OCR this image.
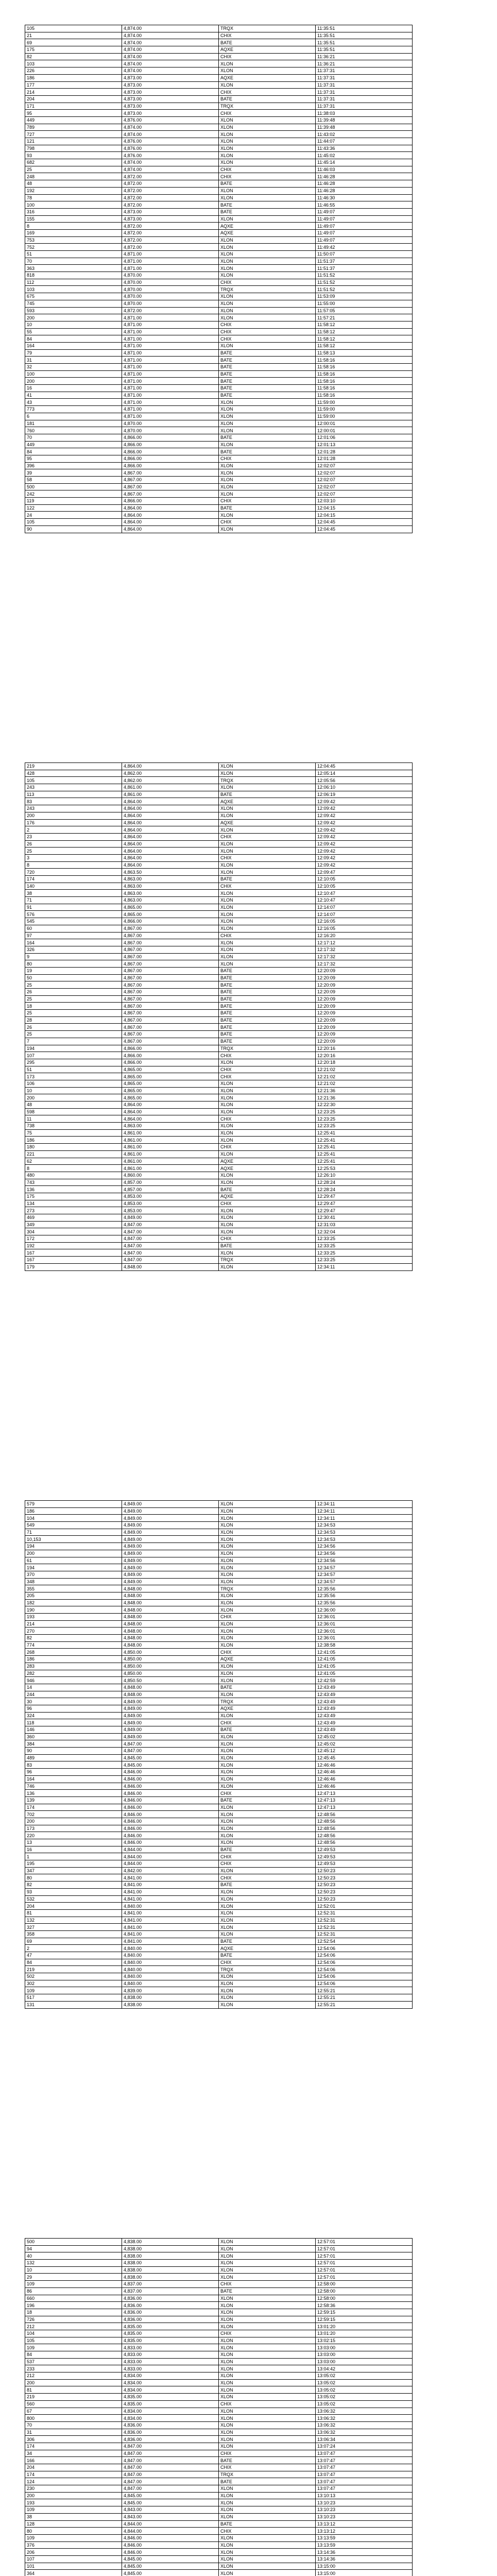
105	4,874.00	TRQX	11:35:51
21	4,874.00	CHIX	11:35:51
69	4,874.00	BATE	11:35:51
175	4,874.00	AQXE	11:35:51
82	4,874.00	CHIX	11:36:21
103	4,874.00	XLON	11:36:21
226	4,874.00	XLON	11:37:31
186	4,873.00	AQXE	11:37:31
177	4,873.00	XLON	11:37:31
214	4,873.00	CHIX	11:37:31
204	4,873.00	BATE	11:37:31
171	4,873.00	TRQX	11:37:31
95	4,873.00	CHIX	11:38:03
449	4,876.00	XLON	11:39:48
789	4,874.00	XLON	11:39:48
727	4,874.00	XLON	11:43:02
121	4,876.00	XLON	11:44:07
798	4,876.00	XLON	11:43:36
93	4,876.00	XLON	11:45:02
682	4,874.00	XLON	11:45:14
25	4,874.00	CHIX	11:46:03
248	4,872.00	CHIX	11:46:28
48	4,872.00	BATE	11:46:28
192	4,872.00	XLON	11:46:28
78	4,872.00	XLON	11:46:30
100	4,872.00	BATE	11:46:55
316	4,873.00	BATE	11:49:07
155	4,873.00	XLON	11:49:07
8	4,872.00	AQXE	11:49:07
169	4,872.00	AQXE	11:49:07
753	4,872.00	XLON	11:49:07
752	4,872.00	XLON	11:49:42
51	4,871.00	XLON	11:50:07
70	4,871.00	XLON	11:51:37
363	4,871.00	XLON	11:51:37
818	4,870.00	XLON	11:51:52
112	4,870.00	CHIX	11:51:52
103	4,870.00	TRQX	11:51:52
675	4,870.00	XLON	11:53:09
745	4,870.00	XLON	11:55:00
593	4,872.00	XLON	11:57:05
200	4,871.00	XLON	11:57:21
10	4,871.00	CHIX	11:58:12
55	4,871.00	CHIX	11:58:12
84	4,871.00	CHIX	11:58:12
164	4,871.00	XLON	11:58:12
79	4,871.00	BATE	11:58:13
31	4,871.00	BATE	11:58:16
32	4,871.00	BATE	11:58:16
100	4,871.00	BATE	11:58:16
200	4,871.00	BATE	11:58:16
16	4,871.00	BATE	11:58:16
41	4,871.00	BATE	11:58:16
43	4,871.00	XLON	11:59:00
773	4,871.00	XLON	11:59:00
6	4,871.00	XLON	11:59:00
181	4,870.00	XLON	12:00:01
760	4,870.00	XLON	12:00:01
70	4,866.00	BATE	12:01:06
449	4,866.00	XLON	12:01:13
84	4,866.00	BATE	12:01:28
95	4,866.00	CHIX	12:01:28
396	4,866.00	XLON	12:02:07
39	4,867.00	XLON	12:02:07
58	4,867.00	XLON	12:02:07
500	4,867.00	XLON	12:02:07
242	4,867.00	XLON	12:02:07
119	4,866.00	CHIX	12:03:10
122	4,864.00	BATE	12:04:15
24	4,864.00	XLON	12:04:15
105	4,864.00	CHIX	12:04:45
90	4,864.00	XLON	12:04:45
219	4,864.00	XLON	12:04:45
428	4,862.00	XLON	12:05:14
105	4,862.00	TRQX	12:05:56
243	4,861.00	XLON	12:06:10
113	4,861.00	BATE	12:06:19
83	4,864.00	AQXE	12:09:42
243	4,864.00	XLON	12:09:42
200	4,864.00	XLON	12:09:42
176	4,864.00	AQXE	12:09:42
2	4,864.00	XLON	12:09:42
23	4,864.00	CHIX	12:09:42
26	4,864.00	XLON	12:09:42
25	4,864.00	XLON	12:09:42
3	4,864.00	CHIX	12:09:42
8	4,864.00	XLON	12:09:42
720	4,863.50	XLON	12:09:47
174	4,863.00	BATE	12:10:05
140	4,863.00	CHIX	12:10:05
38	4,863.00	XLON	12:10:47
71	4,863.00	XLON	12:10:47
91	4,865.00	XLON	12:14:07
576	4,865.00	XLON	12:14:07
545	4,866.00	XLON	12:16:05
60	4,867.00	XLON	12:16:05
97	4,867.00	CHIX	12:16:20
164	4,867.00	XLON	12:17:12
326	4,867.00	XLON	12:17:32
9	4,867.00	XLON	12:17:32
80	4,867.00	XLON	12:17:32
19	4,867.00	BATE	12:20:09
50	4,867.00	BATE	12:20:09
25	4,867.00	BATE	12:20:09
26	4,867.00	BATE	12:20:09
25	4,867.00	BATE	12:20:09
18	4,867.00	BATE	12:20:09
25	4,867.00	BATE	12:20:09
28	4,867.00	BATE	12:20:09
26	4,867.00	BATE	12:20:09
25	4,867.00	BATE	12:20:09
7	4,867.00	BATE	12:20:09
194	4,866.00	TRQX	12:20:16
107	4,866.00	CHIX	12:20:16
295	4,866.00	XLON	12:20:18
51	4,865.00	CHIX	12:21:02
173	4,865.00	CHIX	12:21:02
106	4,865.00	XLON	12:21:02
10	4,865.00	XLON	12:21:36
200	4,865.00	XLON	12:21:36
48	4,864.00	XLON	12:22:30
598	4,864.00	XLON	12:23:25
11	4,864.00	CHIX	12:23:25
738	4,863.00	XLON	12:23:25
75	4,861.00	XLON	12:25:41
186	4,861.00	XLON	12:25:41
180	4,861.00	CHIX	12:25:41
221	4,861.00	XLON	12:25:41
62	4,861.00	AQXE	12:25:41
8	4,861.00	AQXE	12:25:53
480	4,860.00	XLON	12:26:10
743	4,857.00	XLON	12:28:24
136	4,857.00	BATE	12:28:24
175	4,853.00	AQXE	12:29:47
134	4,853.00	CHIX	12:29:47
273	4,853.00	XLON	12:29:47
469	4,849.00	XLON	12:30:41
349	4,847.00	XLON	12:31:03
304	4,847.00	XLON	12:32:04
172	4,847.00	CHIX	12:33:25
192	4,847.00	BATE	12:33:25
167	4,847.00	XLON	12:33:25
167	4,847.00	TRQX	12:33:25
179	4,848.00	XLON	12:34:11
579	4,849.00	XLON	12:34:11
186	4,849.00	XLON	12:34:11
104	4,849.00	XLON	12:34:11
549	4,849.00	XLON	12:34:53
71	4,849.00	XLON	12:34:53
10,153	4,849.00	XLON	12:34:53
194	4,849.00	XLON	12:34:56
200	4,849.00	XLON	12:34:56
61	4,849.00	XLON	12:34:56
194	4,849.00	XLON	12:34:57
370	4,849.00	XLON	12:34:57
348	4,849.00	XLON	12:34:57
355	4,848.00	TRQX	12:35:56
205	4,848.00	XLON	12:35:56
182	4,848.00	XLON	12:35:56
190	4,848.00	XLON	12:36:00
193	4,848.00	CHIX	12:36:01
214	4,848.00	XLON	12:36:01
270	4,848.00	XLON	12:36:01
82	4,848.00	XLON	12:36:01
774	4,848.00	XLON	12:38:58
268	4,850.00	CHIX	12:41:05
186	4,850.00	AQXE	12:41:05
283	4,850.00	XLON	12:41:05
282	4,850.00	XLON	12:41:05
946	4,850.50	XLON	12:42:59
14	4,848.00	BATE	12:43:49
244	4,848.00	XLON	12:43:49
30	4,849.00	TRQX	12:43:49
96	4,849.00	AQXE	12:43:49
324	4,849.00	XLON	12:43:49
118	4,849.00	CHIX	12:43:49
146	4,849.00	BATE	12:43:49
360	4,849.00	XLON	12:45:02
384	4,847.00	XLON	12:45:02
90	4,847.00	XLON	12:45:12
489	4,845.00	XLON	12:45:45
83	4,845.00	XLON	12:46:46
96	4,846.00	XLON	12:46:46
164	4,846.00	XLON	12:46:46
746	4,846.00	XLON	12:46:46
136	4,846.00	CHIX	12:47:13
139	4,846.00	BATE	12:47:13
174	4,846.00	XLON	12:47:13
702	4,846.00	XLON	12:48:56
200	4,846.00	XLON	12:48:56
173	4,846.00	XLON	12:48:56
220	4,846.00	XLON	12:48:56
13	4,846.00	XLON	12:48:56
16	4,844.00	BATE	12:49:53
1	4,844.00	CHIX	12:49:53
195	4,844.00	CHIX	12:49:53
347	4,842.00	XLON	12:50:23
80	4,841.00	CHIX	12:50:23
82	4,841.00	BATE	12:50:23
93	4,841.00	XLON	12:50:23
532	4,841.00	XLON	12:50:23
204	4,840.00	XLON	12:52:01
81	4,841.00	XLON	12:52:31
132	4,841.00	XLON	12:52:31
327	4,841.00	XLON	12:52:31
358	4,841.00	XLON	12:52:31
69	4,841.00	BATE	12:52:54
2	4,840.00	AQXE	12:54:06
47	4,840.00	BATE	12:54:06
84	4,840.00	CHIX	12:54:06
219	4,840.00	TRQX	12:54:06
502	4,840.00	XLON	12:54:06
302	4,840.00	XLON	12:54:06
109	4,839.00	XLON	12:55:21
517	4,838.00	XLON	12:55:21
131	4,838.00	XLON	12:55:21
500	4,838.00	XLON	12:57:01
94	4,838.00	XLON	12:57:01
40	4,838.00	XLON	12:57:01
132	4,838.00	XLON	12:57:01
10	4,838.00	XLON	12:57:01
29	4,838.00	XLON	12:57:01
109	4,837.00	CHIX	12:58:00
86	4,837.00	BATE	12:58:00
660	4,836.00	XLON	12:58:00
196	4,836.00	XLON	12:58:36
18	4,836.00	XLON	12:59:15
726	4,836.00	XLON	12:59:15
212	4,835.00	XLON	13:01:20
104	4,835.00	CHIX	13:01:20
105	4,835.00	XLON	13:02:15
109	4,833.00	XLON	13:03:00
84	4,833.00	XLON	13:03:00
537	4,833.00	XLON	13:03:00
233	4,833.00	XLON	13:04:42
212	4,834.00	XLON	13:05:02
200	4,834.00	XLON	13:05:02
81	4,834.00	XLON	13:05:02
219	4,835.00	XLON	13:05:02
560	4,835.00	CHIX	13:05:02
67	4,834.00	XLON	13:06:32
800	4,834.00	XLON	13:06:32
70	4,836.00	XLON	13:06:32
31	4,836.00	XLON	13:06:32
306	4,836.00	XLON	13:06:34
174	4,847.00	XLON	13:07:24
34	4,847.00	CHIX	13:07:47
166	4,847.00	BATE	13:07:47
204	4,847.00	CHIX	13:07:47
174	4,847.00	TRQX	13:07:47
124	4,847.00	BATE	13:07:47
230	4,847.00	XLON	13:07:47
200	4,845.00	XLON	13:10:13
193	4,845.00	XLON	13:10:23
109	4,843.00	XLON	13:10:23
38	4,843.00	XLON	13:10:23
128	4,844.00	BATE	13:13:12
80	4,844.00	CHIX	13:13:12
109	4,846.00	XLON	13:13:59
376	4,846.00	XLON	13:13:59
206	4,846.00	XLON	13:14:36
107	4,845.00	XLON	13:14:36
101	4,845.00	XLON	13:15:00
364	4,845.00	XLON	13:15:00
